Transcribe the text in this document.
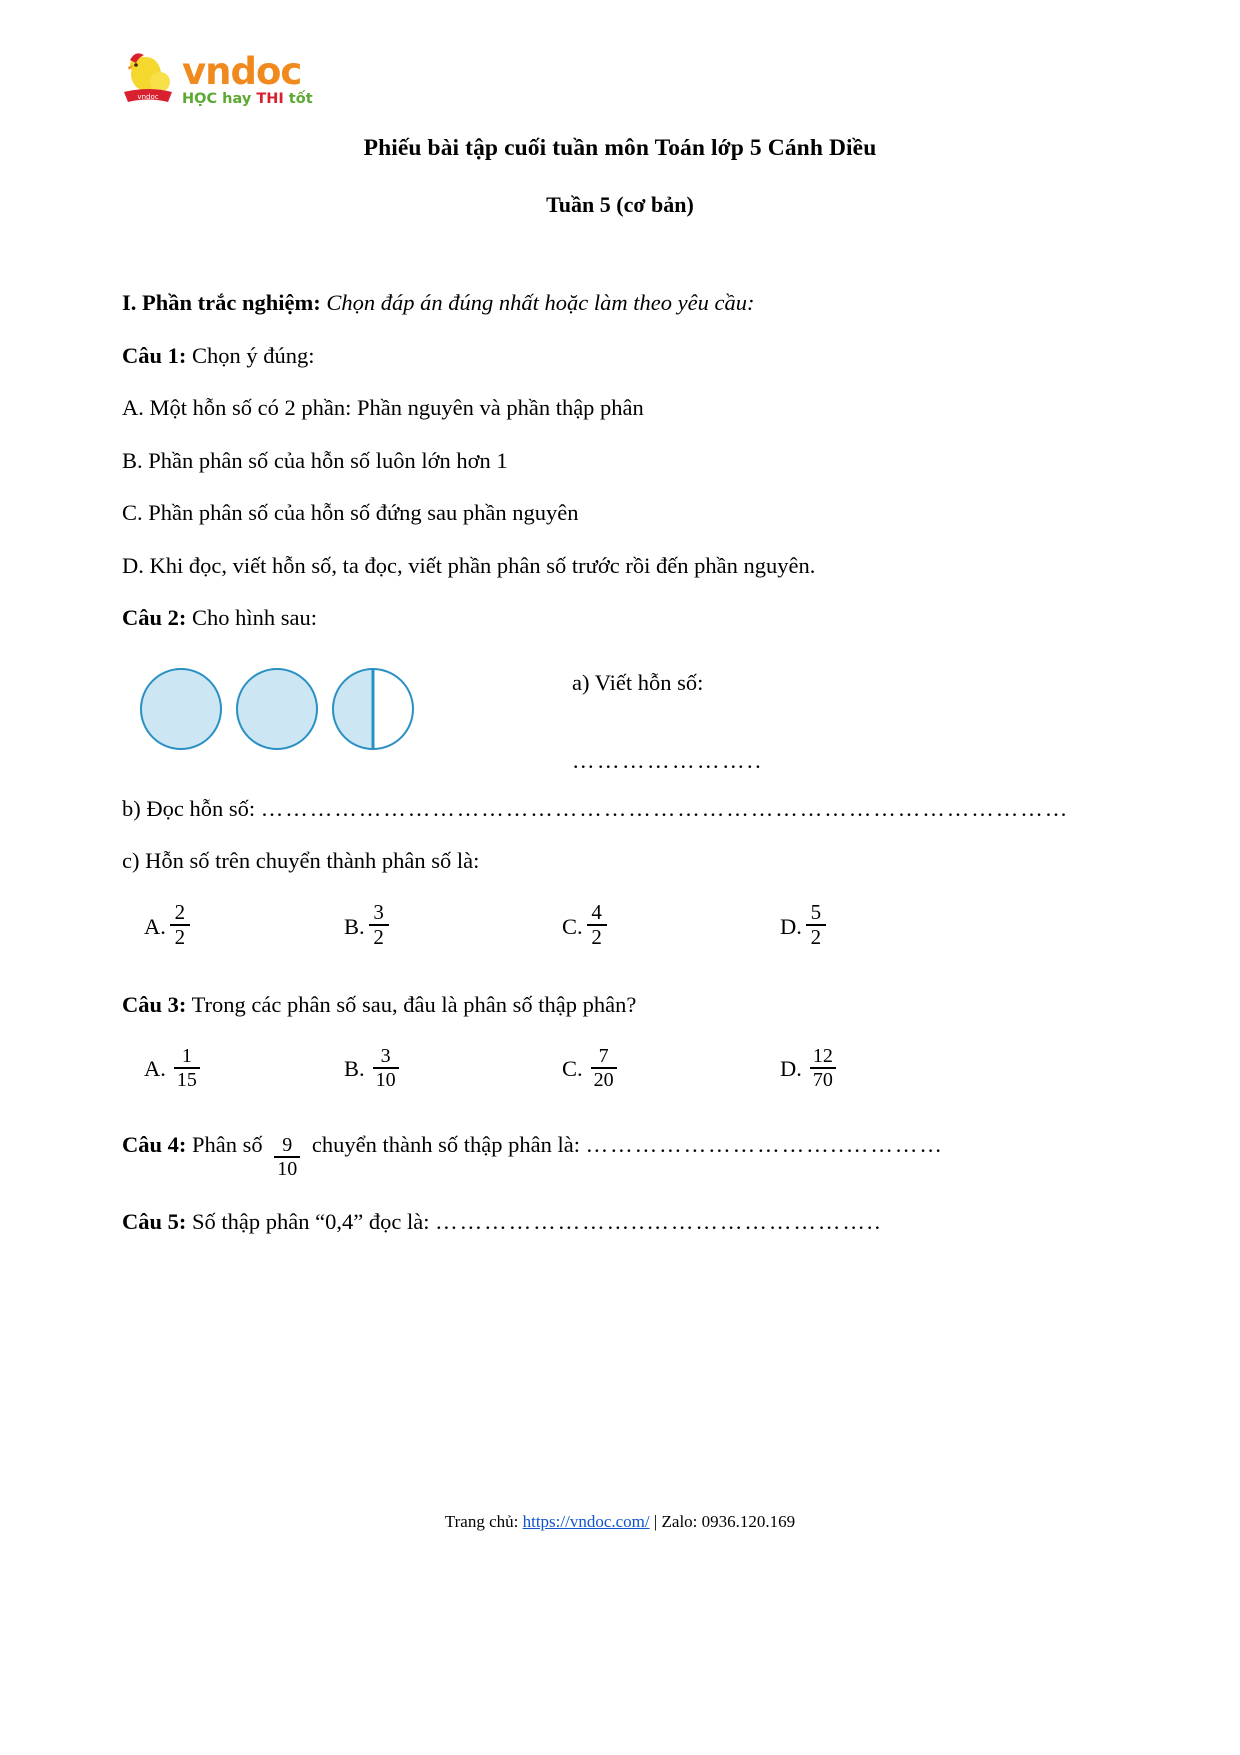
vndoc
vndoc
HỌC hay THI tốt
Phiếu bài tập cuối tuần môn Toán lớp 5 Cánh Diều
Tuần 5 (cơ bản)

I. Phần trắc nghiệm: Chọn đáp án đúng nhất hoặc làm theo yêu cầu:

Câu 1: Chọn ý đúng:

A. Một hỗn số có 2 phần: Phần nguyên và phần thập phân

B. Phần phân số của hỗn số luôn lớn hơn 1

C. Phần phân số của hỗn số đứng sau phần nguyên

D. Khi đọc, viết hỗn số, ta đọc, viết phần phân số trước rồi đến phần nguyên.

Câu 2: Cho hình sau:

a) Viết hỗn số:
…………………..

b) Đọc hỗn số: ………………………………………………………………………………………

c) Hỗn số trên chuyển thành phân số là:

A. $\frac{2}{2}$	B. $\frac{3}{2}$	C. $\frac{4}{2}$	D. $\frac{5}{2}$

Câu 3: Trong các phân số sau, đâu là phân số thập phân?

A. $\frac{1}{15}$	B. $\frac{3}{10}$	C. $\frac{7}{20}$	D. $\frac{12}{70}$

Câu 4: Phân số $\frac{9}{10}$ chuyển thành số thập phân là: …………………………..…………

Câu 5: Số thập phân “0,4” đọc là: ……………………..………………………..

Trang chủ: https://vndoc.com/ | Zalo: 0936.120.169
